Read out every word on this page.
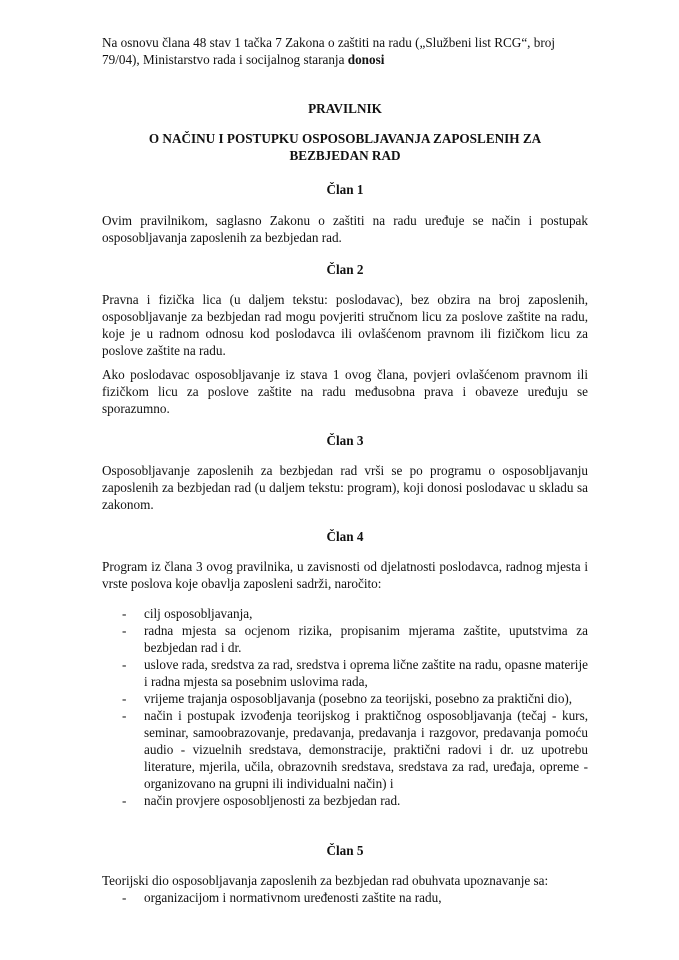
Na osnovu člana 48 stav 1 tačka 7 Zakona o zaštiti na radu („Službeni list RCG“, broj
79/04), Ministarstvo rada i socijalnog staranja donosi
PRAVILNIK
O NAČINU I POSTUPKU OSPOSOBLJAVANJA ZAPOSLENIH ZA
BEZBJEDAN RAD
Član 1
Ovim pravilnikom, saglasno Zakonu o zaštiti na radu uređuje se način i postupak osposobljavanja zaposlenih za bezbjedan rad.
Član 2
Pravna i fizička lica (u daljem tekstu: poslodavac), bez obzira na broj zaposlenih, osposobljavanje za bezbjedan rad mogu povjeriti stručnom licu za poslove zaštite na radu, koje je u radnom odnosu kod poslodavca ili ovlašćenom pravnom ili fizičkom licu za poslove zaštite na radu.
Ako poslodavac osposobljavanje iz stava 1 ovog člana, povjeri ovlašćenom pravnom ili fizičkom licu za poslove zaštite na radu međusobna prava i obaveze uređuju se sporazumno.
Član 3
Osposobljavanje zaposlenih za bezbjedan rad vrši se po programu o osposobljavanju zaposlenih za bezbjedan rad (u daljem tekstu: program), koji donosi poslodavac u skladu sa zakonom.
Član 4
Program iz člana 3 ovog pravilnika, u zavisnosti od djelatnosti poslodavca, radnog mjesta i vrste poslova koje obavlja zaposleni sadrži, naročito:
- cilj osposobljavanja,
- radna mjesta sa ocjenom rizika, propisanim mjerama zaštite, uputstvima za bezbjedan rad i dr.
- uslove rada, sredstva za rad, sredstva i oprema lične zaštite na radu, opasne materije i radna mjesta sa posebnim uslovima rada,
- vrijeme trajanja osposobljavanja (posebno za teorijski, posebno za praktični dio),
- način i postupak izvođenja teorijskog i praktičnog osposobljavanja (tečaj - kurs, seminar, samoobrazovanje, predavanja, predavanja i razgovor, predavanja pomoću audio - vizuelnih sredstava, demonstracije, praktični radovi i dr. uz upotrebu literature, mjerila, učila, obrazovnih sredstava, sredstava za rad, uređaja, opreme - organizovano na grupni ili individualni način) i
- način provjere osposobljenosti za bezbjedan rad.
Član 5
Teorijski dio osposobljavanja zaposlenih za bezbjedan rad obuhvata upoznavanje sa:
- organizacijom i normativnom uređenosti zaštite na radu,
